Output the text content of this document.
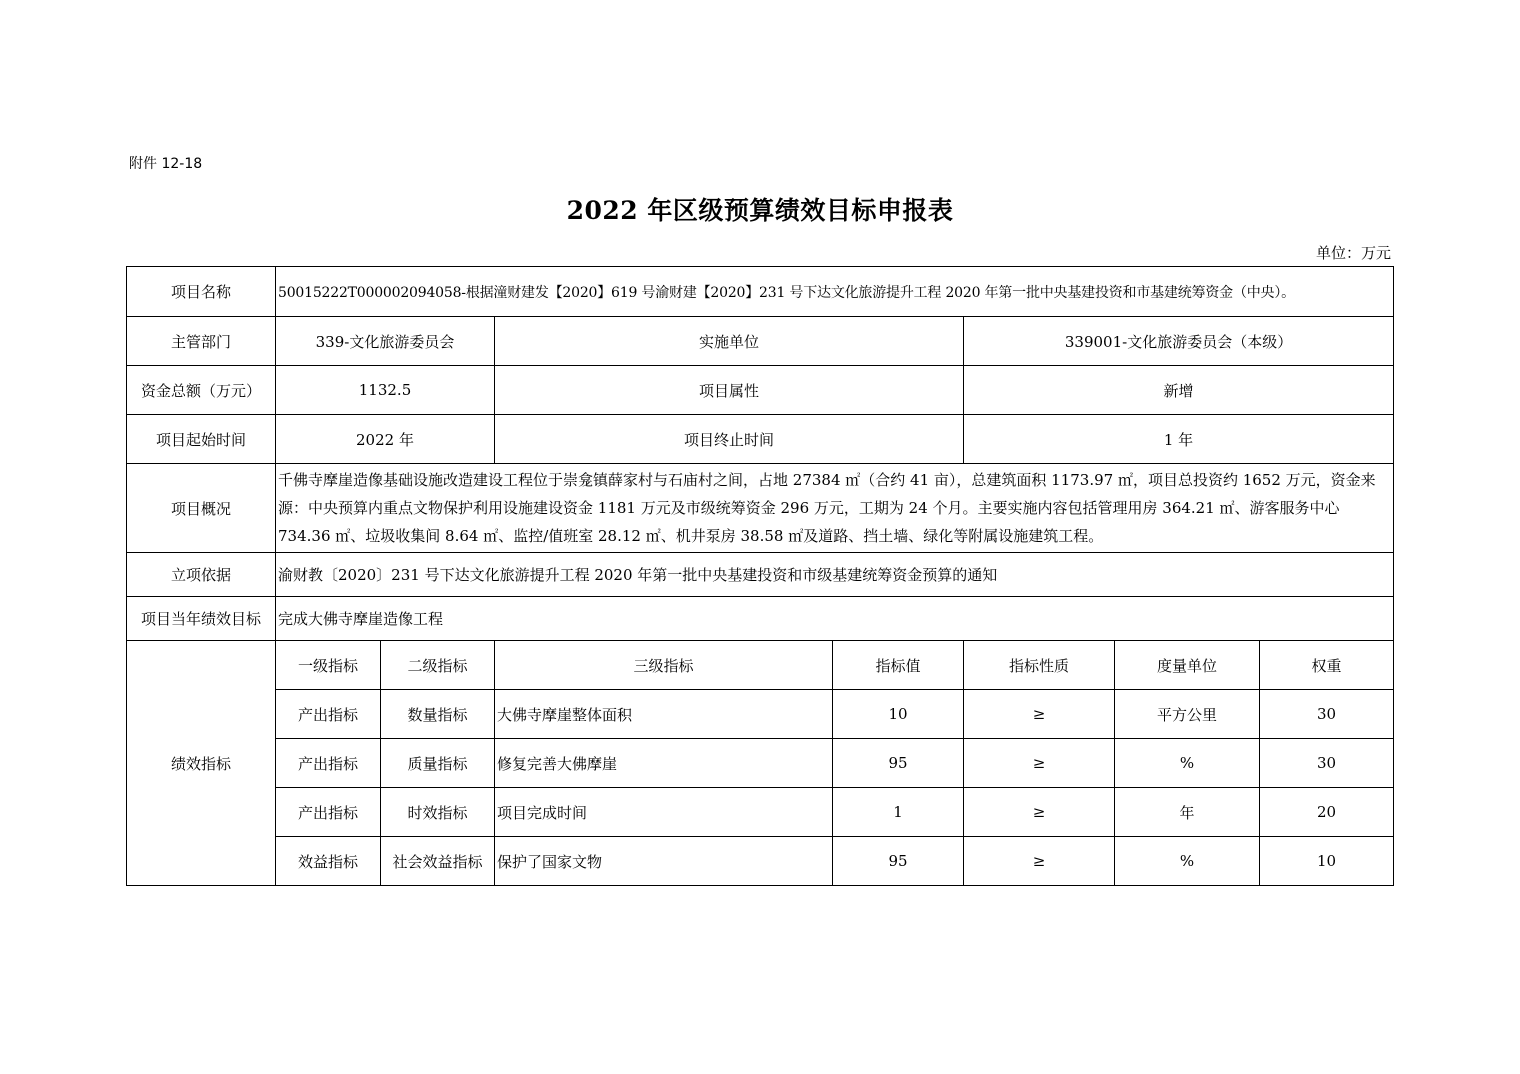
附件 12-18
2022 年区级预算绩效目标申报表
单位：万元
项目名称	50015222T000002094058-根据潼财建发【2020】619 号渝财建【2020】231 号下达文化旅游提升工程 2020 年第一批中央基建投资和市基建统筹资金（中央）。						
主管部门	339-文化旅游委员会		实施单位		339001-文化旅游委员会（本级）		
资金总额（万元）	1132.5		项目属性		新增		
项目起始时间	2022 年		项目终止时间		1 年		
项目概况	千佛寺摩崖造像基础设施改造建设工程位于崇龛镇薛家村与石庙村之间，占地 27384 ㎡（合约 41 亩），总建筑面积 1173.97 ㎡，项目总投资约 1652 万元，资金来源：中央预算内重点文物保护利用设施建设资金 1181 万元及市级统筹资金 296 万元，工期为 24 个月。主要实施内容包括管理用房 364.21 ㎡、游客服务中心 734.36 ㎡、垃圾收集间 8.64 ㎡、监控/值班室 28.12 ㎡、机井泵房 38.58 ㎡及道路、挡土墙、绿化等附属设施建筑工程。						
立项依据	渝财教〔2020〕231 号下达文化旅游提升工程 2020 年第一批中央基建投资和市级基建统筹资金预算的通知						
项目当年绩效目标	完成大佛寺摩崖造像工程						
绩效指标	一级指标	二级指标	三级指标	指标值	指标性质	度量单位	权重
	产出指标	数量指标	大佛寺摩崖整体面积	10	≥	平方公里	30
	产出指标	质量指标	修复完善大佛摩崖	95	≥	%	30
	产出指标	时效指标	项目完成时间	1	≥	年	20
	效益指标	社会效益指标	保护了国家文物	95	≥	%	10
